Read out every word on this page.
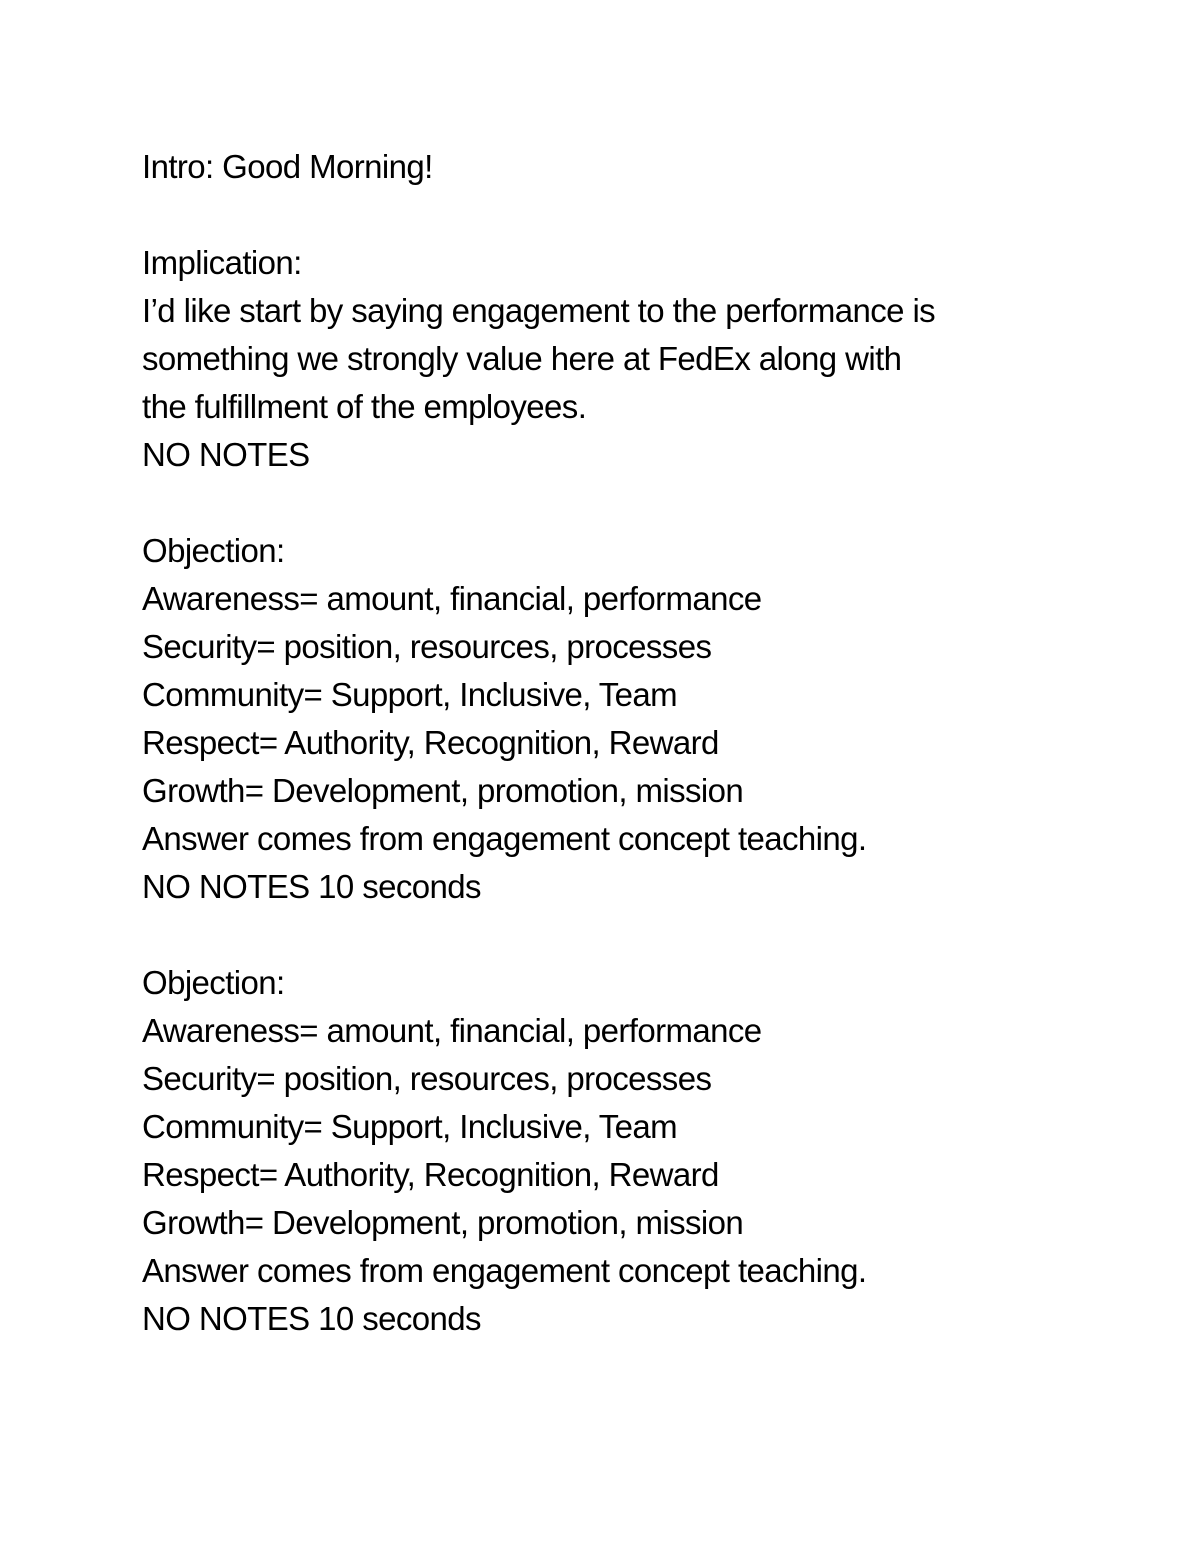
Intro: Good Morning!
Implication:
I’d like start by saying engagement to the performance is
something we strongly value here at FedEx along with
the fulfillment of the employees.
NO NOTES
Objection:
Awareness= amount, financial, performance
Security= position, resources, processes
Community= Support, Inclusive, Team
Respect= Authority, Recognition, Reward
Growth= Development, promotion, mission
Answer comes from engagement concept teaching.
NO NOTES 10 seconds
Objection:
Awareness= amount, financial, performance
Security= position, resources, processes
Community= Support, Inclusive, Team
Respect= Authority, Recognition, Reward
Growth= Development, promotion, mission
Answer comes from engagement concept teaching.
NO NOTES 10 seconds
